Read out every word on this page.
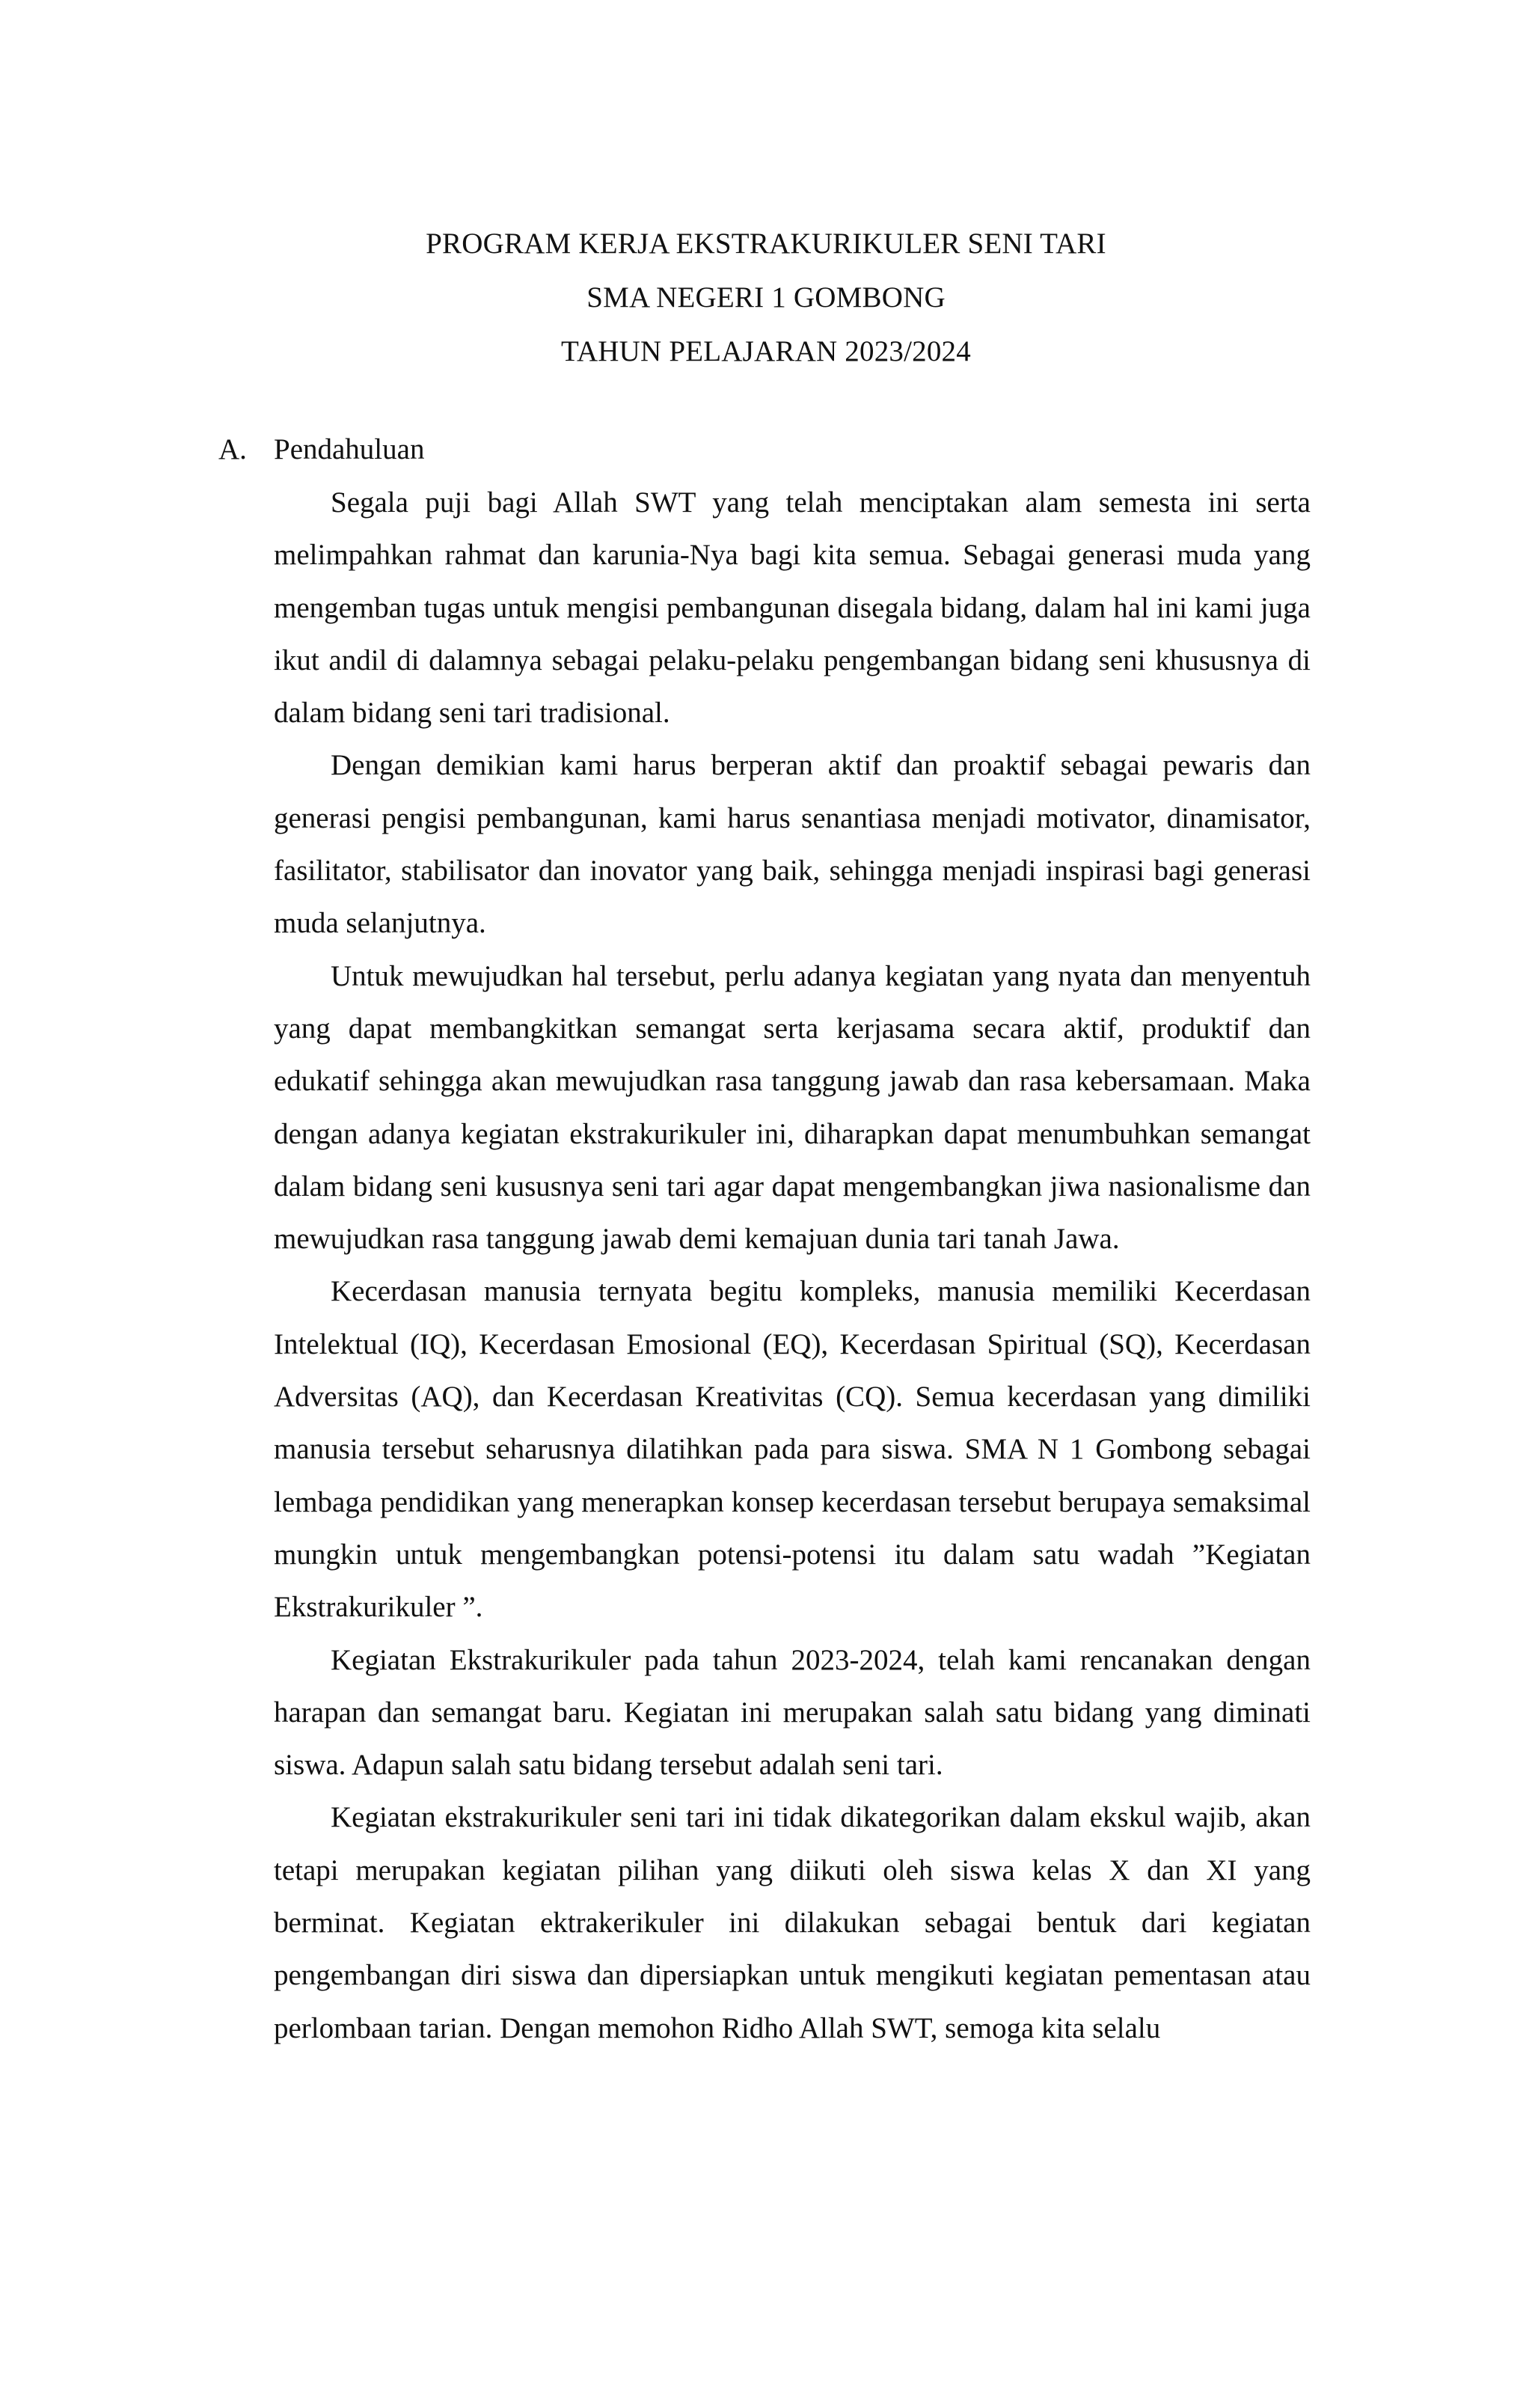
PROGRAM KERJA EKSTRAKURIKULER SENI TARI
SMA NEGERI 1 GOMBONG
TAHUN PELAJARAN 2023/2024
A. Pendahuluan

Segala puji bagi Allah SWT yang telah menciptakan alam semesta ini serta melimpahkan rahmat dan karunia-Nya bagi kita semua. Sebagai generasi muda yang mengemban tugas untuk mengisi pembangunan disegala bidang, dalam hal ini kami juga ikut andil di dalamnya sebagai pelaku-pelaku pengembangan bidang seni khususnya di dalam bidang seni tari tradisional.

Dengan demikian kami harus berperan aktif dan proaktif sebagai pewaris dan generasi pengisi pembangunan, kami harus senantiasa menjadi motivator, dinamisator, fasilitator, stabilisator dan inovator yang baik, sehingga menjadi inspirasi bagi generasi muda selanjutnya.

Untuk mewujudkan hal tersebut, perlu adanya kegiatan yang nyata dan menyentuh yang dapat membangkitkan semangat serta kerjasama secara aktif, produktif dan edukatif sehingga akan mewujudkan rasa tanggung jawab dan rasa kebersamaan. Maka dengan adanya kegiatan ekstrakurikuler ini, diharapkan dapat menumbuhkan semangat dalam bidang seni kususnya seni tari agar dapat mengembangkan jiwa nasionalisme dan mewujudkan rasa tanggung jawab demi kemajuan dunia tari tanah Jawa.

Kecerdasan manusia ternyata begitu kompleks, manusia memiliki Kecerdasan Intelektual (IQ), Kecerdasan Emosional (EQ), Kecerdasan Spiritual (SQ), Kecerdasan Adversitas (AQ), dan Kecerdasan Kreativitas (CQ). Semua kecerdasan yang dimiliki manusia tersebut seharusnya dilatihkan pada para siswa. SMA N 1 Gombong sebagai lembaga pendidikan yang menerapkan konsep kecerdasan tersebut berupaya semaksimal mungkin untuk mengembangkan potensi-potensi itu dalam satu wadah ”Kegiatan Ekstrakurikuler ”.

Kegiatan Ekstrakurikuler pada tahun 2023-2024, telah kami rencanakan dengan harapan dan semangat baru. Kegiatan ini merupakan salah satu bidang yang diminati siswa. Adapun salah satu bidang tersebut adalah seni tari.

Kegiatan ekstrakurikuler seni tari ini tidak dikategorikan dalam ekskul wajib, akan tetapi merupakan kegiatan pilihan yang diikuti oleh siswa kelas X dan XI yang berminat. Kegiatan ektrakerikuler ini dilakukan sebagai bentuk dari kegiatan pengembangan diri siswa dan dipersiapkan untuk mengikuti kegiatan pementasan atau perlombaan tarian. Dengan memohon Ridho Allah SWT, semoga kita selalu
